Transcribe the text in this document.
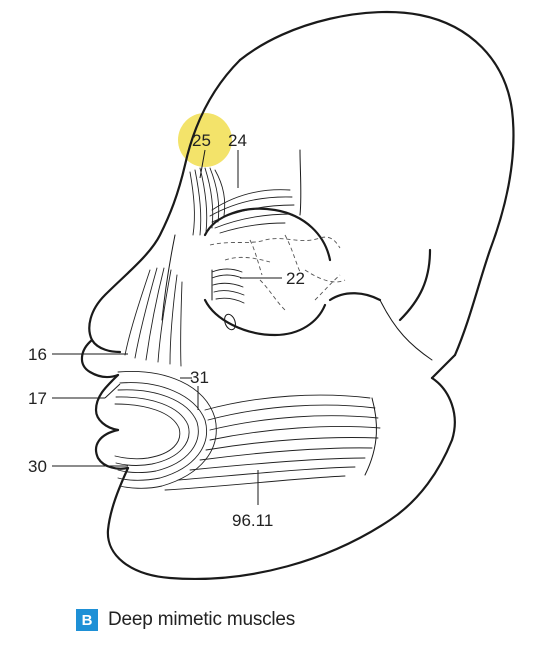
25 24
22
16
17
31
30
96.11
B Deep mimetic muscles
